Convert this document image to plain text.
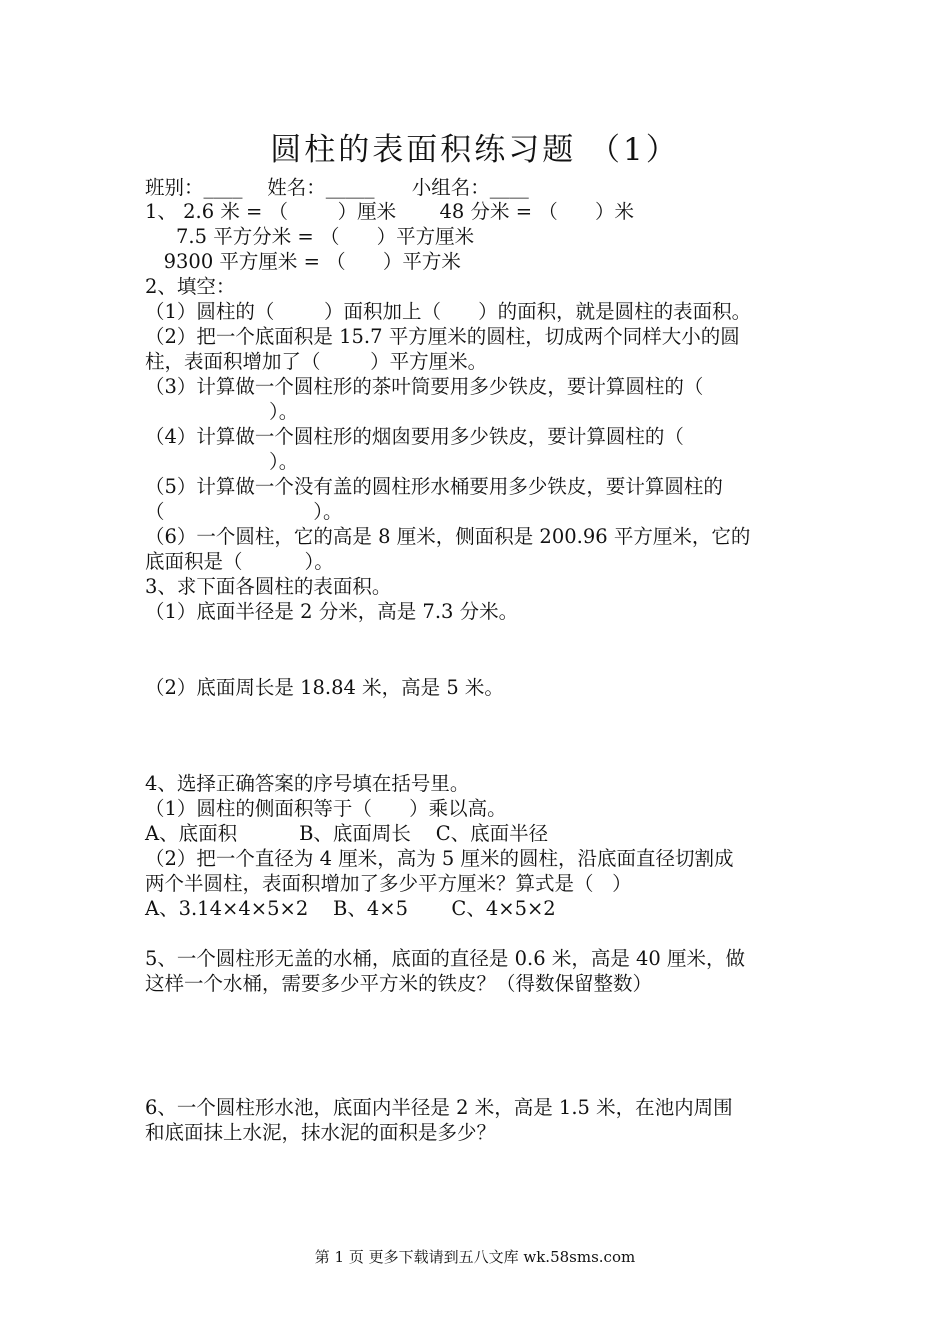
圆柱的表面积练习题 （1）
班别：____    姓名：_____      小组名：____
1、 2.6 米 = （        ）厘米       48 分米 = （      ）米
7.5 平方分米 = （      ）平方厘米
9300 平方厘米 = （      ）平方米
2、填空：
（1）圆柱的（        ）面积加上（      ）的面积，就是圆柱的表面积。
（2）把一个底面积是 15.7 平方厘米的圆柱，切成两个同样大小的圆
柱，表面积增加了（        ）平方厘米。
（3）计算做一个圆柱形的茶叶筒要用多少铁皮，要计算圆柱的（
）。
（4）计算做一个圆柱形的烟囱要用多少铁皮，要计算圆柱的（
）。
（5）计算做一个没有盖的圆柱形水桶要用多少铁皮，要计算圆柱的
（                        ）。
（6）一个圆柱，它的高是 8 厘米，侧面积是 200.96 平方厘米，它的
底面积是（          ）。
3、求下面各圆柱的表面积。
（1）底面半径是 2 分米，高是 7.3 分米。
（2）底面周长是 18.84 米，高是 5 米。
4、选择正确答案的序号填在括号里。
（1）圆柱的侧面积等于（      ）乘以高。
A、底面积          B、底面周长    C、底面半径
（2）把一个直径为 4 厘米，高为 5 厘米的圆柱，沿底面直径切割成
两个半圆柱，表面积增加了多少平方厘米？算式是（   ）
A、3.14×4×5×2    B、4×5       C、4×5×2
5、一个圆柱形无盖的水桶，底面的直径是 0.6 米，高是 40 厘米，做
这样一个水桶，需要多少平方米的铁皮？（得数保留整数）
6、一个圆柱形水池，底面内半径是 2 米，高是 1.5 米，在池内周围
和底面抹上水泥，抹水泥的面积是多少？
第 1 页 更多下载请到五八文库 wk.58sms.com
